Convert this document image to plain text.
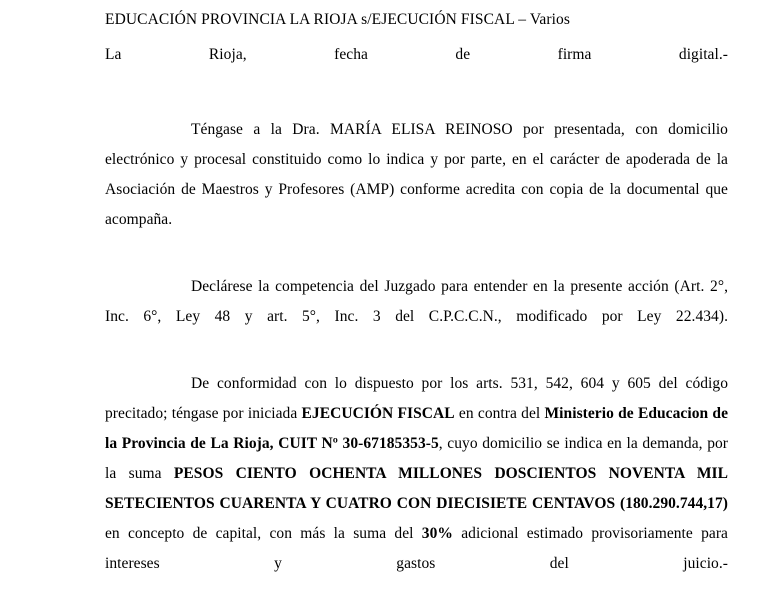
EDUCACIÓN PROVINCIA LA RIOJA s/EJECUCIÓN FISCAL – Varios
La Rioja, fecha de firma digital.-
Téngase a la Dra. MARÍA ELISA REINOSO por presentada, con domicilio electrónico y procesal constituido como lo indica y por parte, en el carácter de apoderada de la Asociación de Maestros y Profesores (AMP) conforme acredita con copia de la documental que acompaña.
Declárese la competencia del Juzgado para entender en la presente acción (Art. 2°, Inc. 6°, Ley 48 y art. 5°, Inc. 3 del C.P.C.C.N., modificado por Ley 22.434).
De conformidad con lo dispuesto por los arts. 531, 542, 604 y 605 del código precitado; téngase por iniciada EJECUCIÓN FISCAL en contra del Ministerio de Educacion de la Provincia de La Rioja, CUIT Nº 30-67185353-5, cuyo domicilio se indica en la demanda, por la suma PESOS CIENTO OCHENTA MILLONES DOSCIENTOS NOVENTA MIL SETECIENTOS CUARENTA Y CUATRO CON DIECISIETE CENTAVOS (180.290.744,17) en concepto de capital, con más la suma del 30% adicional estimado provisoriamente para intereses y gastos del juicio.-
